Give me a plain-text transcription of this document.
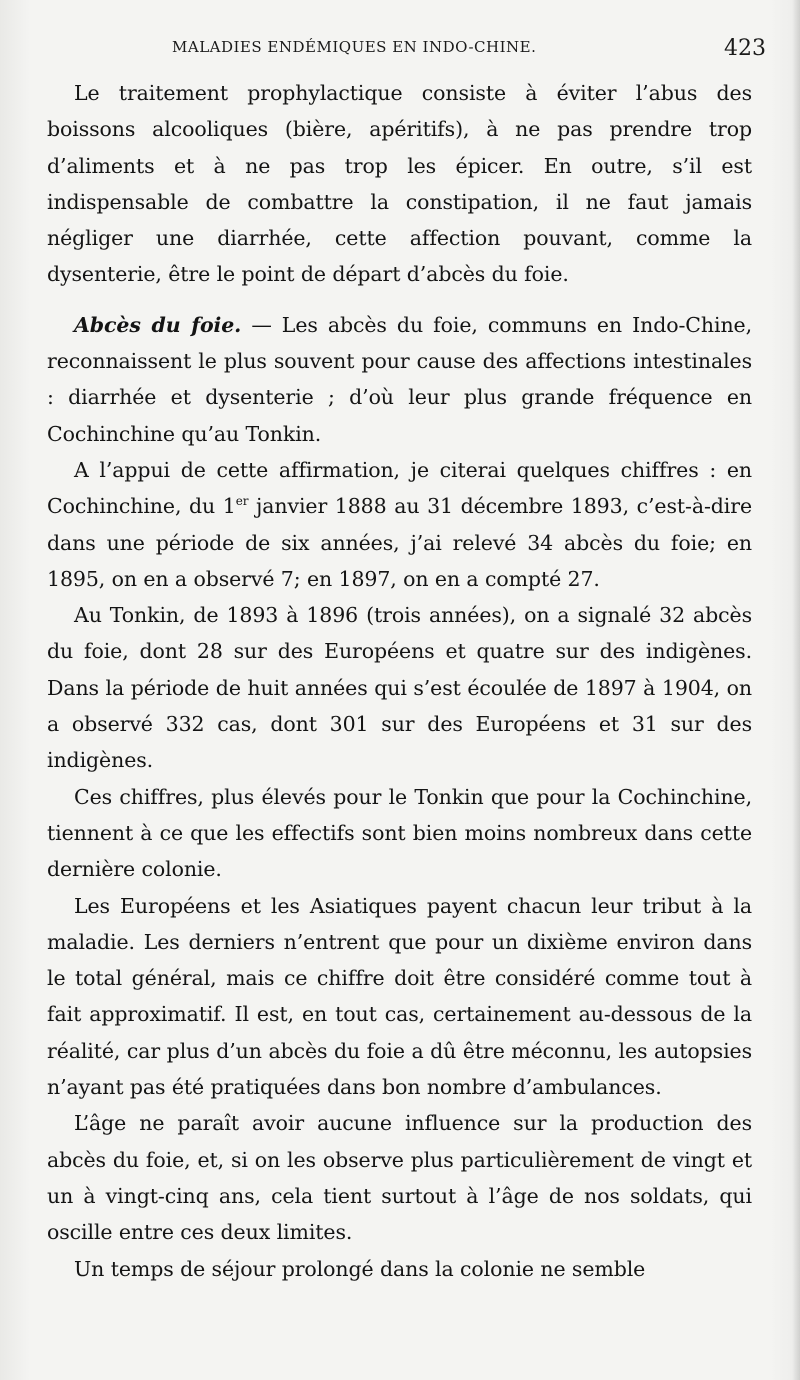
MALADIES ENDÉMIQUES EN INDO-CHINE.	423

Le traitement prophylactique consiste à éviter l’abus des boissons alcooliques (bière, apéritifs), à ne pas prendre trop d’aliments et à ne pas trop les épicer. En outre, s’il est indispensable de combattre la constipation, il ne faut jamais négliger une diarrhée, cette affection pouvant, comme la dysenterie, être le point de départ d’abcès du foie.

Abcès du foie. — Les abcès du foie, communs en Indo-Chine, reconnaissent le plus souvent pour cause des affections intestinales : diarrhée et dysenterie ; d’où leur plus grande fréquence en Cochinchine qu’au Tonkin.

A l’appui de cette affirmation, je citerai quelques chiffres : en Cochinchine, du 1er janvier 1888 au 31 décembre 1893, c’est-à-dire dans une période de six années, j’ai relevé 34 abcès du foie; en 1895, on en a observé 7; en 1897, on en a compté 27.

Au Tonkin, de 1893 à 1896 (trois années), on a signalé 32 abcès du foie, dont 28 sur des Européens et quatre sur des indigènes. Dans la période de huit années qui s’est écoulée de 1897 à 1904, on a observé 332 cas, dont 301 sur des Européens et 31 sur des indigènes.

Ces chiffres, plus élevés pour le Tonkin que pour la Cochinchine, tiennent à ce que les effectifs sont bien moins nombreux dans cette dernière colonie.

Les Européens et les Asiatiques payent chacun leur tribut à la maladie. Les derniers n’entrent que pour un dixième environ dans le total général, mais ce chiffre doit être considéré comme tout à fait approximatif. Il est, en tout cas, certainement au-dessous de la réalité, car plus d’un abcès du foie a dû être méconnu, les autopsies n’ayant pas été pratiquées dans bon nombre d’ambulances.

L’âge ne paraît avoir aucune influence sur la production des abcès du foie, et, si on les observe plus particulièrement de vingt et un à vingt-cinq ans, cela tient surtout à l’âge de nos soldats, qui oscille entre ces deux limites.

Un temps de séjour prolongé dans la colonie ne semble
